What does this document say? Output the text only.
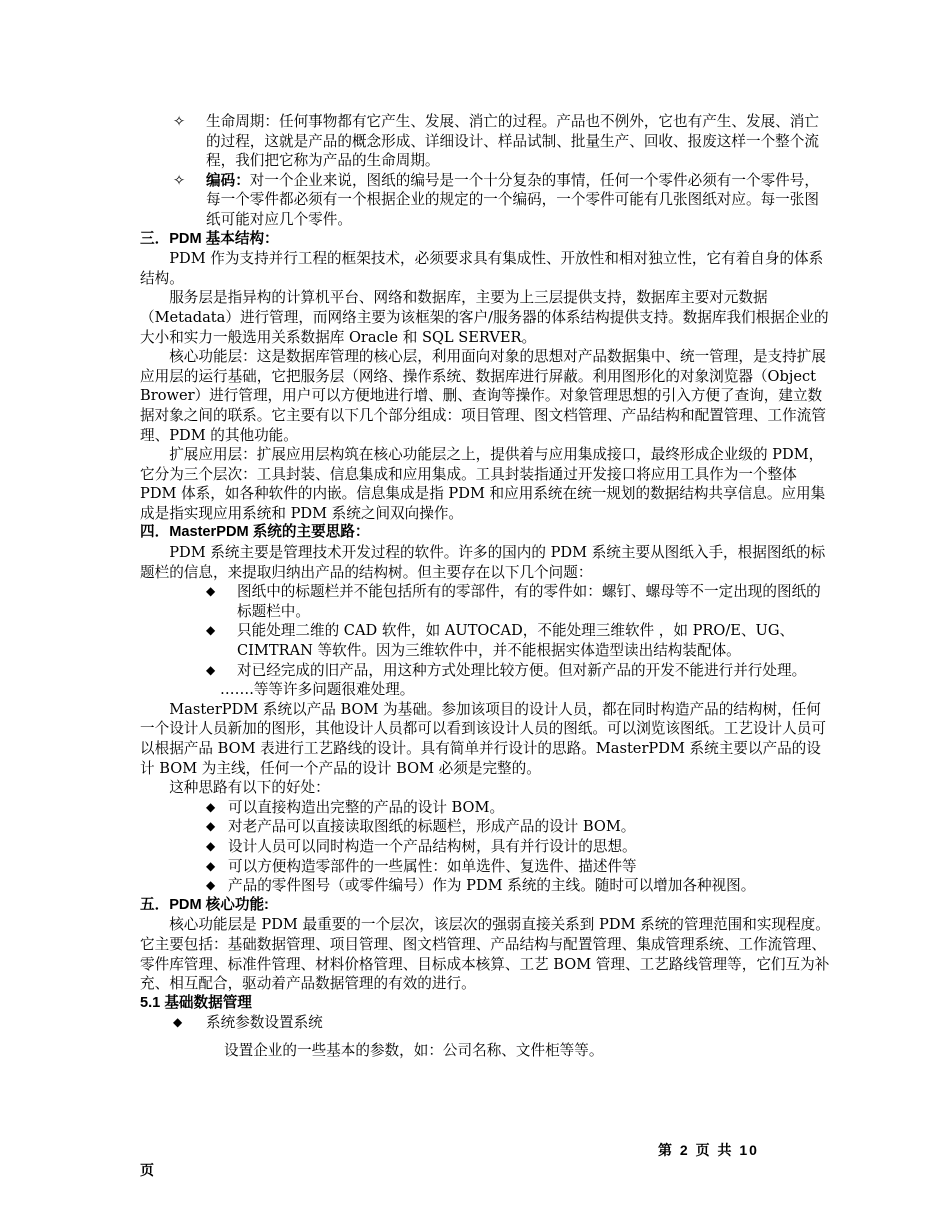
✧ 生命周期：任何事物都有它产生、发展、消亡的过程。产品也不例外，它也有产生、发展、消亡的过程，这就是产品的概念形成、详细设计、样品试制、批量生产、回收、报废这样一个整个流程，我们把它称为产品的生命周期。
✧ 编码：对一个企业来说，图纸的编号是一个十分复杂的事情，任何一个零件必须有一个零件号，每一个零件都必须有一个根据企业的规定的一个编码，一个零件可能有几张图纸对应。每一张图纸可能对应几个零件。

三．PDM 基本结构：

PDM 作为支持并行工程的框架技术，必须要求具有集成性、开放性和相对独立性，它有着自身的体系结构。

服务层是指异构的计算机平台、网络和数据库，主要为上三层提供支持，数据库主要对元数据（Metadata）进行管理，而网络主要为该框架的客户/服务器的体系结构提供支持。数据库我们根据企业的大小和实力一般选用关系数据库 Oracle 和 SQL SERVER。

核心功能层：这是数据库管理的核心层，利用面向对象的思想对产品数据集中、统一管理，是支持扩展应用层的运行基础，它把服务层（网络、操作系统、数据库进行屏蔽。利用图形化的对象浏览器（Object Brower）进行管理，用户可以方便地进行增、删、查询等操作。对象管理思想的引入方便了查询，建立数据对象之间的联系。它主要有以下几个部分组成：项目管理、图文档管理、产品结构和配置管理、工作流管理、PDM 的其他功能。

扩展应用层：扩展应用层构筑在核心功能层之上，提供着与应用集成接口，最终形成企业级的 PDM，它分为三个层次：工具封装、信息集成和应用集成。工具封装指通过开发接口将应用工具作为一个整体 PDM 体系，如各种软件的内嵌。信息集成是指 PDM 和应用系统在统一规划的数据结构共享信息。应用集成是指实现应用系统和 PDM 系统之间双向操作。

四．MasterPDM 系统的主要思路：

PDM 系统主要是管理技术开发过程的软件。许多的国内的 PDM 系统主要从图纸入手，根据图纸的标题栏的信息，来提取归纳出产品的结构树。但主要存在以下几个问题：

◆ 图纸中的标题栏并不能包括所有的零部件，有的零件如：螺钉、螺母等不一定出现的图纸的标题栏中。
◆ 只能处理二维的 CAD 软件，如 AUTOCAD，不能处理三维软件 ，如 PRO/E、UG、CIMTRAN 等软件。因为三维软件中，并不能根据实体造型读出结构装配体。
◆ 对已经完成的旧产品，用这种方式处理比较方便。但对新产品的开发不能进行并行处理。

…….等等许多问题很难处理。

MasterPDM 系统以产品 BOM 为基础。参加该项目的设计人员，都在同时构造产品的结构树，任何一个设计人员新加的图形，其他设计人员都可以看到该设计人员的图纸。可以浏览该图纸。工艺设计人员可以根据产品 BOM 表进行工艺路线的设计。具有简单并行设计的思路。MasterPDM 系统主要以产品的设计 BOM 为主线，任何一个产品的设计 BOM 必须是完整的。

这种思路有以下的好处：

◆ 可以直接构造出完整的产品的设计 BOM。
◆ 对老产品可以直接读取图纸的标题栏，形成产品的设计 BOM。
◆ 设计人员可以同时构造一个产品结构树，具有并行设计的思想。
◆ 可以方便构造零部件的一些属性：如单选件、复选件、描述件等
◆ 产品的零件图号（或零件编号）作为 PDM 系统的主线。随时可以增加各种视图。

五．PDM 核心功能:

核心功能层是 PDM 最重要的一个层次，该层次的强弱直接关系到 PDM 系统的管理范围和实现程度。它主要包括：基础数据管理、项目管理、图文档管理、产品结构与配置管理、集成管理系统、工作流管理、零件库管理、标准件管理、材料价格管理、目标成本核算、工艺 BOM 管理、工艺路线管理等，它们互为补充、相互配合，驱动着产品数据管理的有效的进行。

5.1 基础数据管理

◆ 系统参数设置系统

设置企业的一些基本的参数，如：公司名称、文件柜等等。

第 2 页 共 10
页
